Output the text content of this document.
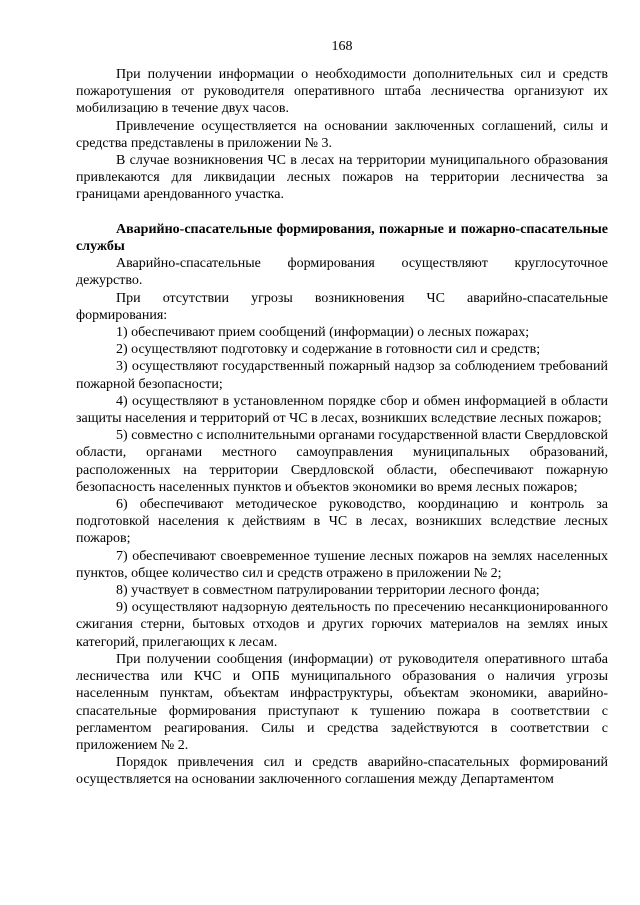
168

При получении информации о необходимости дополнительных сил и средств пожаротушения от руководителя оперативного штаба лесничества организуют их мобилизацию в течение двух часов.

Привлечение осуществляется на основании заключенных соглашений, силы и средства представлены в приложении № 3.

В случае возникновения ЧС в лесах на территории муниципального образования привлекаются для ликвидации лесных пожаров на территории лесничества за границами арендованного участка.

Аварийно-спасательные формирования, пожарные и пожарно-спасательные службы

Аварийно-спасательные формирования осуществляют круглосуточное дежурство.

При отсутствии угрозы возникновения ЧС аварийно-спасательные формирования:

1) обеспечивают прием сообщений (информации) о лесных пожарах;

2) осуществляют подготовку и содержание в готовности сил и средств;

3) осуществляют государственный пожарный надзор за соблюдением требований пожарной безопасности;

4) осуществляют в установленном порядке сбор и обмен информацией в области защиты населения и территорий от ЧС в лесах, возникших вследствие лесных пожаров;

5) совместно с исполнительными органами государственной власти Свердловской области, органами местного самоуправления муниципальных образований, расположенных на территории Свердловской области, обеспечивают пожарную безопасность населенных пунктов и объектов экономики во время лесных пожаров;

6) обеспечивают методическое руководство, координацию и контроль за подготовкой населения к действиям в ЧС в лесах, возникших вследствие лесных пожаров;

7) обеспечивают своевременное тушение лесных пожаров на землях населенных пунктов, общее количество сил и средств отражено в приложении № 2;

8) участвует в совместном патрулировании территории лесного фонда;

9) осуществляют надзорную деятельность по пресечению несанкционированного сжигания стерни, бытовых отходов и других горючих материалов на землях иных категорий, прилегающих к лесам.

При получении сообщения (информации) от руководителя оперативного штаба лесничества или КЧС и ОПБ муниципального образования о наличия угрозы населенным пунктам, объектам инфраструктуры, объектам экономики, аварийно-спасательные формирования приступают к тушению пожара в соответствии с регламентом реагирования. Силы и средства задействуются в соответствии с приложением № 2.

Порядок привлечения сил и средств аварийно-спасательных формирований осуществляется на основании заключенного соглашения между Департаментом
